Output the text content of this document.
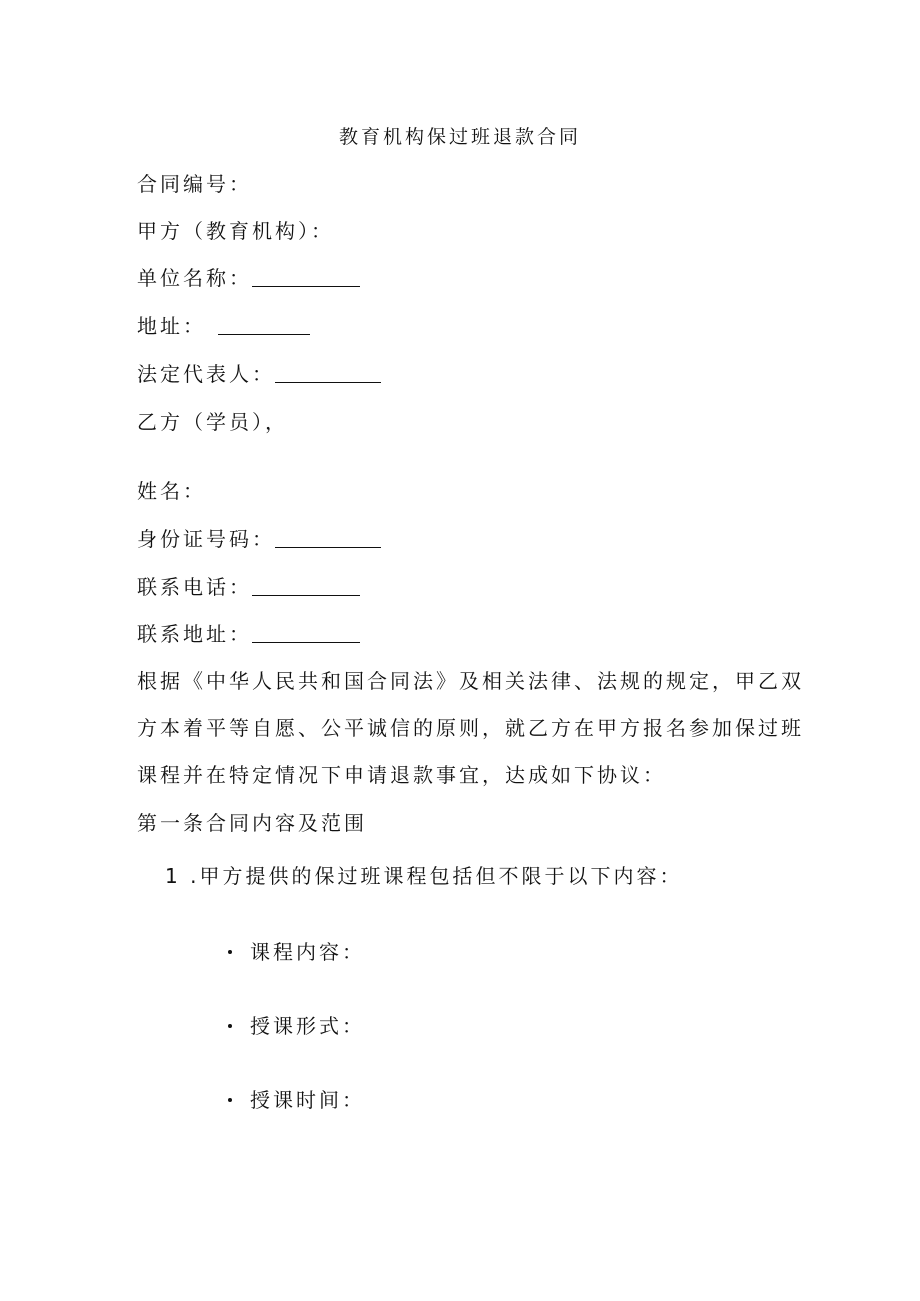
教育机构保过班退款合同
合同编号：
甲方（教育机构）：
单位名称：
地址：
法定代表人：
乙方（学员），
姓名：
身份证号码：
联系电话：
联系地址：
根据《中华人民共和国合同法》及相关法律、法规的规定，甲乙双
方本着平等自愿、公平诚信的原则，就乙方在甲方报名参加保过班
课程并在特定情况下申请退款事宜，达成如下协议：
第一条合同内容及范围
1 .甲方提供的保过班课程包括但不限于以下内容：
课程内容：
授课形式：
授课时间：
